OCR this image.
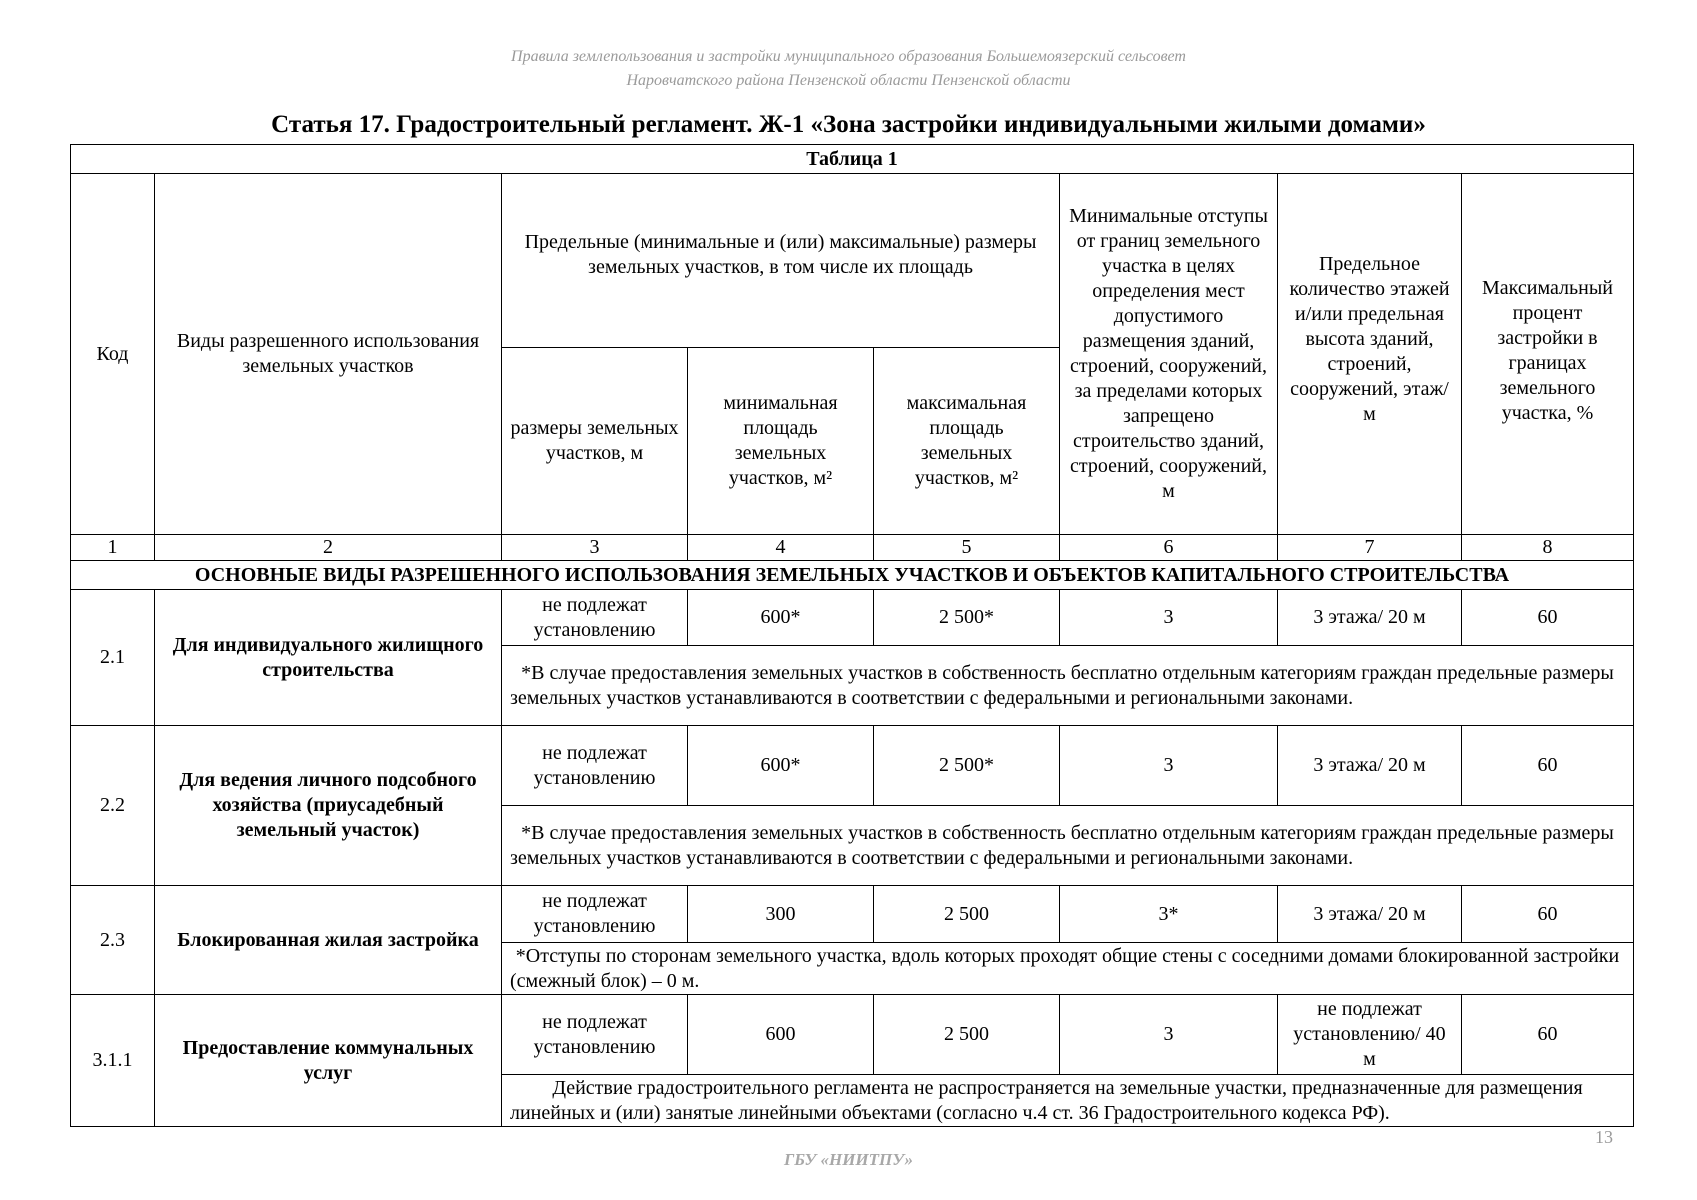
Правила землепользования и застройки муниципального образования Большемоязерский сельсовет
Наровчатского района Пензенской области Пензенской области
Статья 17. Градостроительный регламент. Ж-1 «Зона застройки индивидуальными жилыми домами»
Таблица 1							
Код	Виды разрешенного использования земельных участков	Предельные (минимальные и (или) максимальные) размеры земельных участков, в том числе их площадь			Минимальные отступы от границ земельного участка в целях определения мест допустимого размещения зданий, строений, сооружений, за пределами которых запрещено строительство зданий, строений, сооружений, м	Предельное количество этажей и/или предельная высота зданий, строений, сооружений, этаж/м	Максимальный процент застройки в границах земельного участка, %
		размеры земельных участков, м	минимальная площадь земельных участков, м²	максимальная площадь земельных участков, м²			
1	2	3	4	5	6	7	8
ОСНОВНЫЕ ВИДЫ РАЗРЕШЕННОГО ИСПОЛЬЗОВАНИЯ ЗЕМЕЛЬНЫХ УЧАСТКОВ И ОБЪЕКТОВ КАПИТАЛЬНОГО СТРОИТЕЛЬСТВА							
2.1	Для индивидуального жилищного строительства	не подлежат установлению	600*	2 500*	3	3 этажа/ 20 м	60
		*В случае предоставления земельных участков в собственность бесплатно отдельным категориям граждан предельные размеры земельных участков устанавливаются в соответствии с федеральными и региональными законами.					
2.2	Для ведения личного подсобного хозяйства (приусадебный земельный участок)	не подлежат установлению	600*	2 500*	3	3 этажа/ 20 м	60
		*В случае предоставления земельных участков в собственность бесплатно отдельным категориям граждан предельные размеры земельных участков устанавливаются в соответствии с федеральными и региональными законами.					
2.3	Блокированная жилая застройка	не подлежат установлению	300	2 500	3*	3 этажа/ 20 м	60
		*Отступы по сторонам земельного участка, вдоль которых проходят общие стены с соседними домами блокированной застройки (смежный блок) – 0 м.					
3.1.1	Предоставление коммунальных услуг	не подлежат установлению	600	2 500	3	не подлежат установлению/ 40 м	60
		Действие градостроительного регламента не распространяется на земельные участки, предназначенные для размещения линейных и (или) занятые линейными объектами (согласно ч.4 ст. 36 Градостроительного кодекса РФ).					
13
ГБУ «НИИТПУ»
